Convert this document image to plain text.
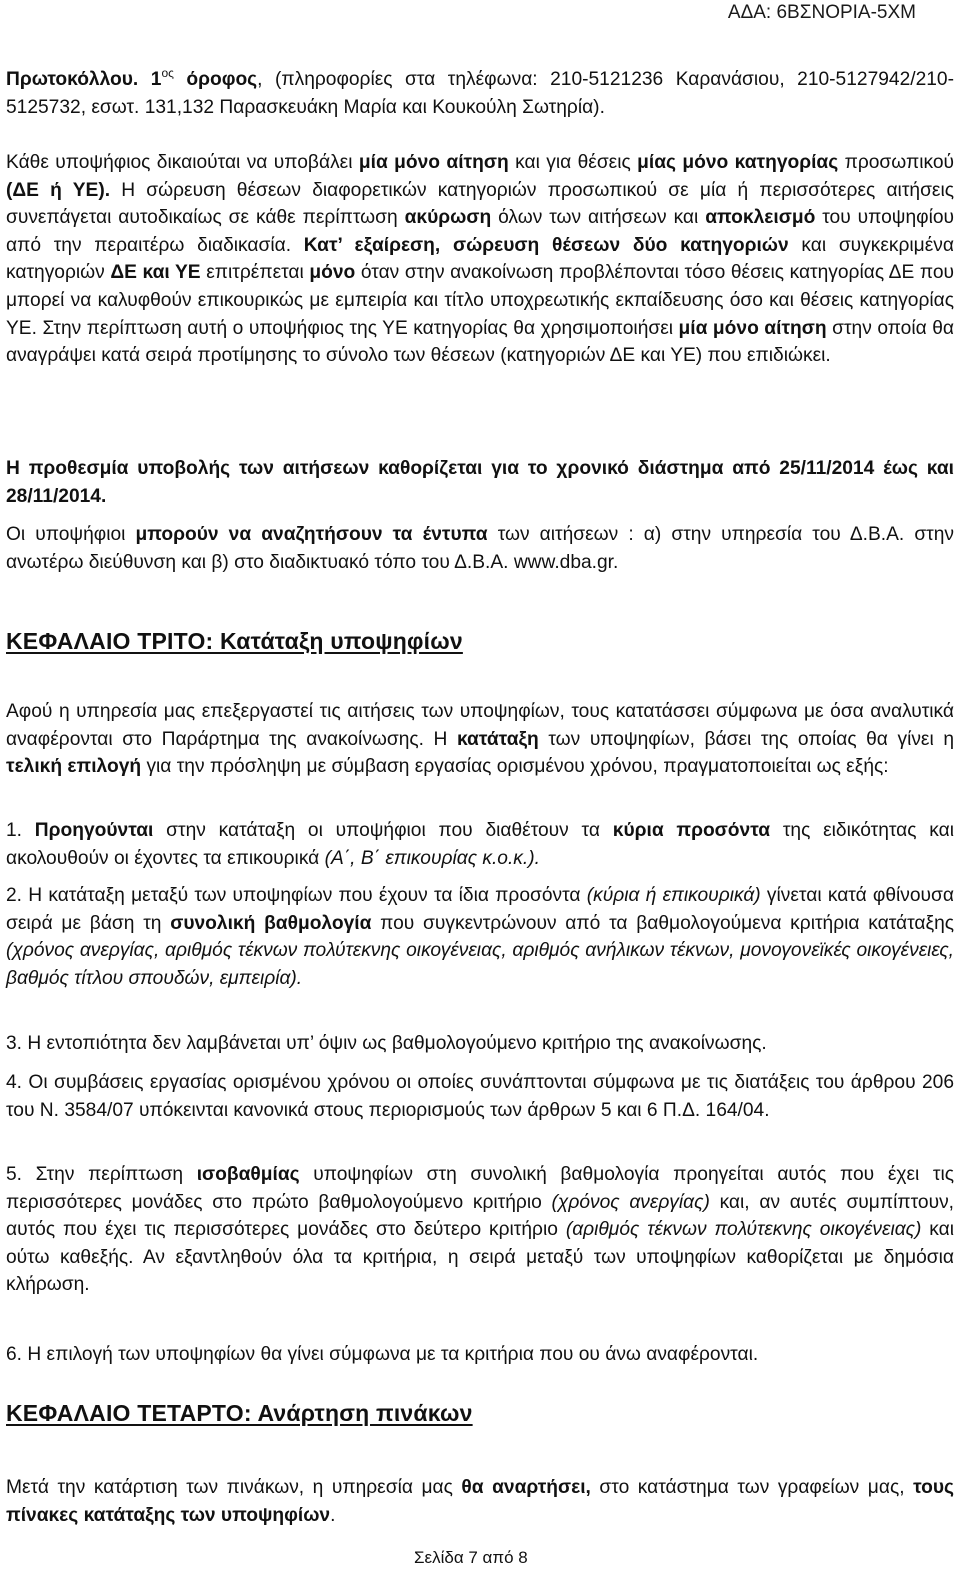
ΑΔΑ: 6ΒΣΝΟΡΙΑ-5ΧΜ

Πρωτοκόλλου. $1^{o\varsigma}$ όροφος, (πληροφορίες στα τηλέφωνα: 210-5121236 Καρανάσιου, 210-5127942/210-5125732, εσωτ. 131,132 Παρασκευάκη Μαρία και Κουκούλη Σωτηρία).

Κάθε υποψήφιος δικαιούται να υποβάλει μία μόνο αίτηση και για θέσεις μίας μόνο κατηγορίας προσωπικού (ΔΕ ή ΥΕ). Η σώρευση θέσεων διαφορετικών κατηγοριών προσωπικού σε μία ή περισσότερες αιτήσεις συνεπάγεται αυτοδικαίως σε κάθε περίπτωση ακύρωση όλων των αιτήσεων και αποκλεισμό του υποψηφίου από την περαιτέρω διαδικασία. Κατ’ εξαίρεση, σώρευση θέσεων δύο κατηγοριών και συγκεκριμένα κατηγοριών ΔΕ και ΥΕ επιτρέπεται μόνο όταν στην ανακοίνωση προβλέπονται τόσο θέσεις κατηγορίας ΔΕ που μπορεί να καλυφθούν επικουρικώς με εμπειρία και τίτλο υποχρεωτικής εκπαίδευσης όσο και θέσεις κατηγορίας ΥΕ. Στην περίπτωση αυτή ο υποψήφιος της ΥΕ κατηγορίας θα χρησιμοποιήσει μία μόνο αίτηση στην οποία θα αναγράψει κατά σειρά προτίμησης το σύνολο των θέσεων (κατηγοριών ΔΕ και ΥΕ) που επιδιώκει.

Η προθεσμία υποβολής των αιτήσεων καθορίζεται για το χρονικό διάστημα από 25/11/2014 έως και 28/11/2014.

Οι υποψήφιοι μπορούν να αναζητήσουν τα έντυπα των αιτήσεων : α) στην υπηρεσία του Δ.Β.Α. στην ανωτέρω διεύθυνση και β) στο διαδικτυακό τόπο του Δ.Β.Α. www.dba.gr.

ΚΕΦΑΛΑΙΟ ΤΡΙΤΟ: Κατάταξη υποψηφίων

Αφού η υπηρεσία μας επεξεργαστεί τις αιτήσεις των υποψηφίων, τους κατατάσσει σύμφωνα με όσα αναλυτικά αναφέρονται στο Παράρτημα της ανακοίνωσης. Η κατάταξη των υποψηφίων, βάσει της οποίας θα γίνει η τελική επιλογή για την πρόσληψη με σύμβαση εργασίας ορισμένου χρόνου, πραγματοποιείται ως εξής:

1. Προηγούνται στην κατάταξη οι υποψήφιοι που διαθέτουν τα κύρια προσόντα της ειδικότητας και ακολουθούν οι έχοντες τα επικουρικά (Α΄, Β΄ επικουρίας κ.ο.κ.).

2. Η κατάταξη μεταξύ των υποψηφίων που έχουν τα ίδια προσόντα (κύρια ή επικουρικά) γίνεται κατά φθίνουσα σειρά με βάση τη συνολική βαθμολογία που συγκεντρώνουν από τα βαθμολογούμενα κριτήρια κατάταξης (χρόνος ανεργίας, αριθμός τέκνων πολύτεκνης οικογένειας, αριθμός ανήλικων τέκνων, μονογονεϊκές οικογένειες, βαθμός τίτλου σπουδών, εμπειρία).

3. Η εντοπιότητα δεν λαμβάνεται υπ’ όψιν ως βαθμολογούμενο κριτήριο της ανακοίνωσης.

4. Οι συμβάσεις εργασίας ορισμένου χρόνου οι οποίες συνάπτονται σύμφωνα με τις διατάξεις του άρθρου 206 του Ν. 3584/07 υπόκεινται κανονικά στους περιορισμούς των άρθρων 5 και 6 Π.Δ. 164/04.

5. Στην περίπτωση ισοβαθμίας υποψηφίων στη συνολική βαθμολογία προηγείται αυτός που έχει τις περισσότερες μονάδες στο πρώτο βαθμολογούμενο κριτήριο (χρόνος ανεργίας) και, αν αυτές συμπίπτουν, αυτός που έχει τις περισσότερες μονάδες στο δεύτερο κριτήριο (αριθμός τέκνων πολύτεκνης οικογένειας) και ούτω καθεξής. Αν εξαντληθούν όλα τα κριτήρια, η σειρά μεταξύ των υποψηφίων καθορίζεται με δημόσια κλήρωση.

6. Η επιλογή των υποψηφίων θα γίνει σύμφωνα με τα κριτήρια που ου άνω αναφέρονται.

ΚΕΦΑΛΑΙΟ ΤΕΤΑΡΤΟ: Ανάρτηση πινάκων

Μετά την κατάρτιση των πινάκων, η υπηρεσία μας θα αναρτήσει, στο κατάστημα των γραφείων μας, τους πίνακες κατάταξης των υποψηφίων.

Σελίδα 7 από 8
